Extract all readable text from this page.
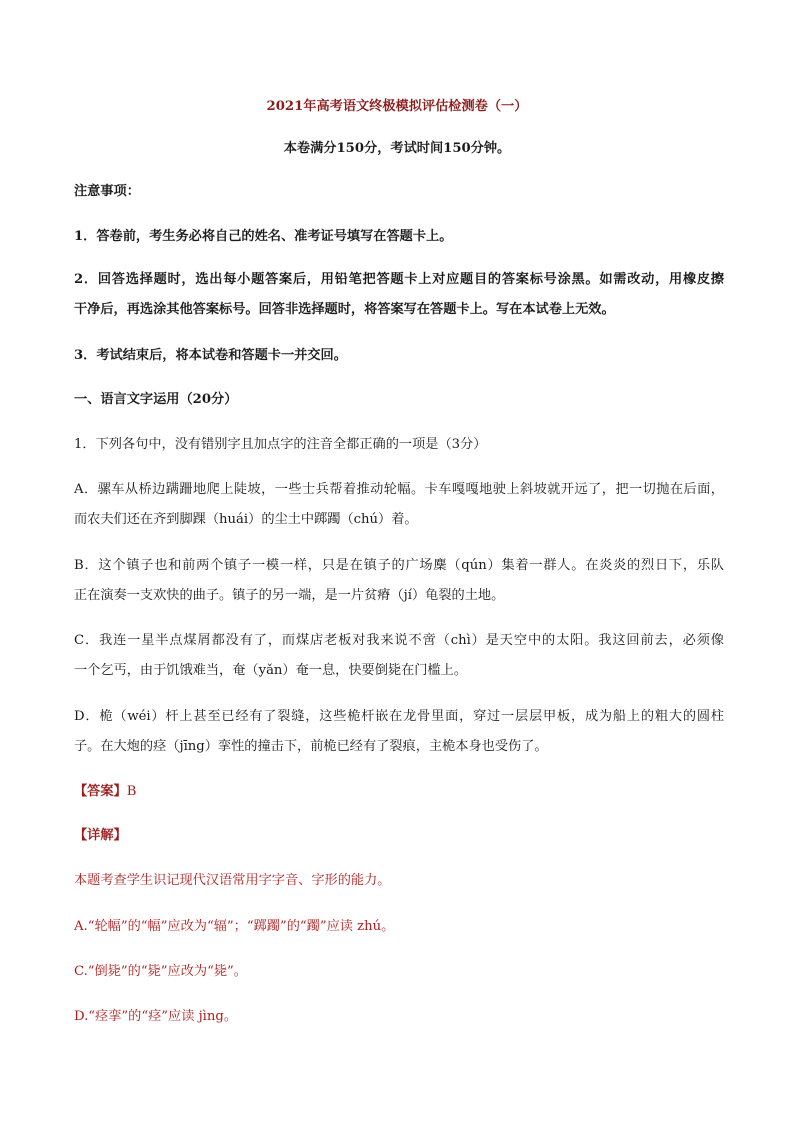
2021年高考语文终极模拟评估检测卷（一）
本卷满分150分，考试时间150分钟。
注意事项：
1．答卷前，考生务必将自己的姓名、准考证号填写在答题卡上。
2．回答选择题时，选出每小题答案后，用铅笔把答题卡上对应题目的答案标号涂黑。如需改动，用橡皮擦
干净后，再选涂其他答案标号。回答非选择题时，将答案写在答题卡上。写在本试卷上无效。
3．考试结束后，将本试卷和答题卡一并交回。
一、语言文字运用（20分）
1．下列各句中，没有错别字且加点字的注音全都正确的一项是（3分）
A．骡车从桥边蹒跚地爬上陡坡，一些士兵帮着推动轮幅。卡车嘎嘎地驶上斜坡就开远了，把一切抛在后面，
而农夫们还在齐到脚踝（huái）的尘土中踯躅（chú）着。
B．这个镇子也和前两个镇子一模一样，只是在镇子的广场麇（qún）集着一群人。在炎炎的烈日下，乐队
正在演奏一支欢快的曲子。镇子的另一端，是一片贫瘠（jí）龟裂的土地。
C．我连一星半点煤屑都没有了，而煤店老板对我来说不啻（chì）是天空中的太阳。我这回前去，必须像
一个乞丐，由于饥饿难当，奄（yǎn）奄一息，快要倒毙在门槛上。
D．桅（wéi）杆上甚至已经有了裂缝，这些桅杆嵌在龙骨里面，穿过一层层甲板，成为船上的粗大的圆柱
子。在大炮的痉（jīng）挛性的撞击下，前桅已经有了裂痕，主桅本身也受伤了。
【答案】B
【详解】
本题考查学生识记现代汉语常用字字音、字形的能力。
A.“轮幅”的“幅”应改为“辐”；“踯躅”的“躅”应读 zhú。
C.“倒毙”的“毙”应改为“毙”。
D.“痉挛”的“痉”应读 jìng。
